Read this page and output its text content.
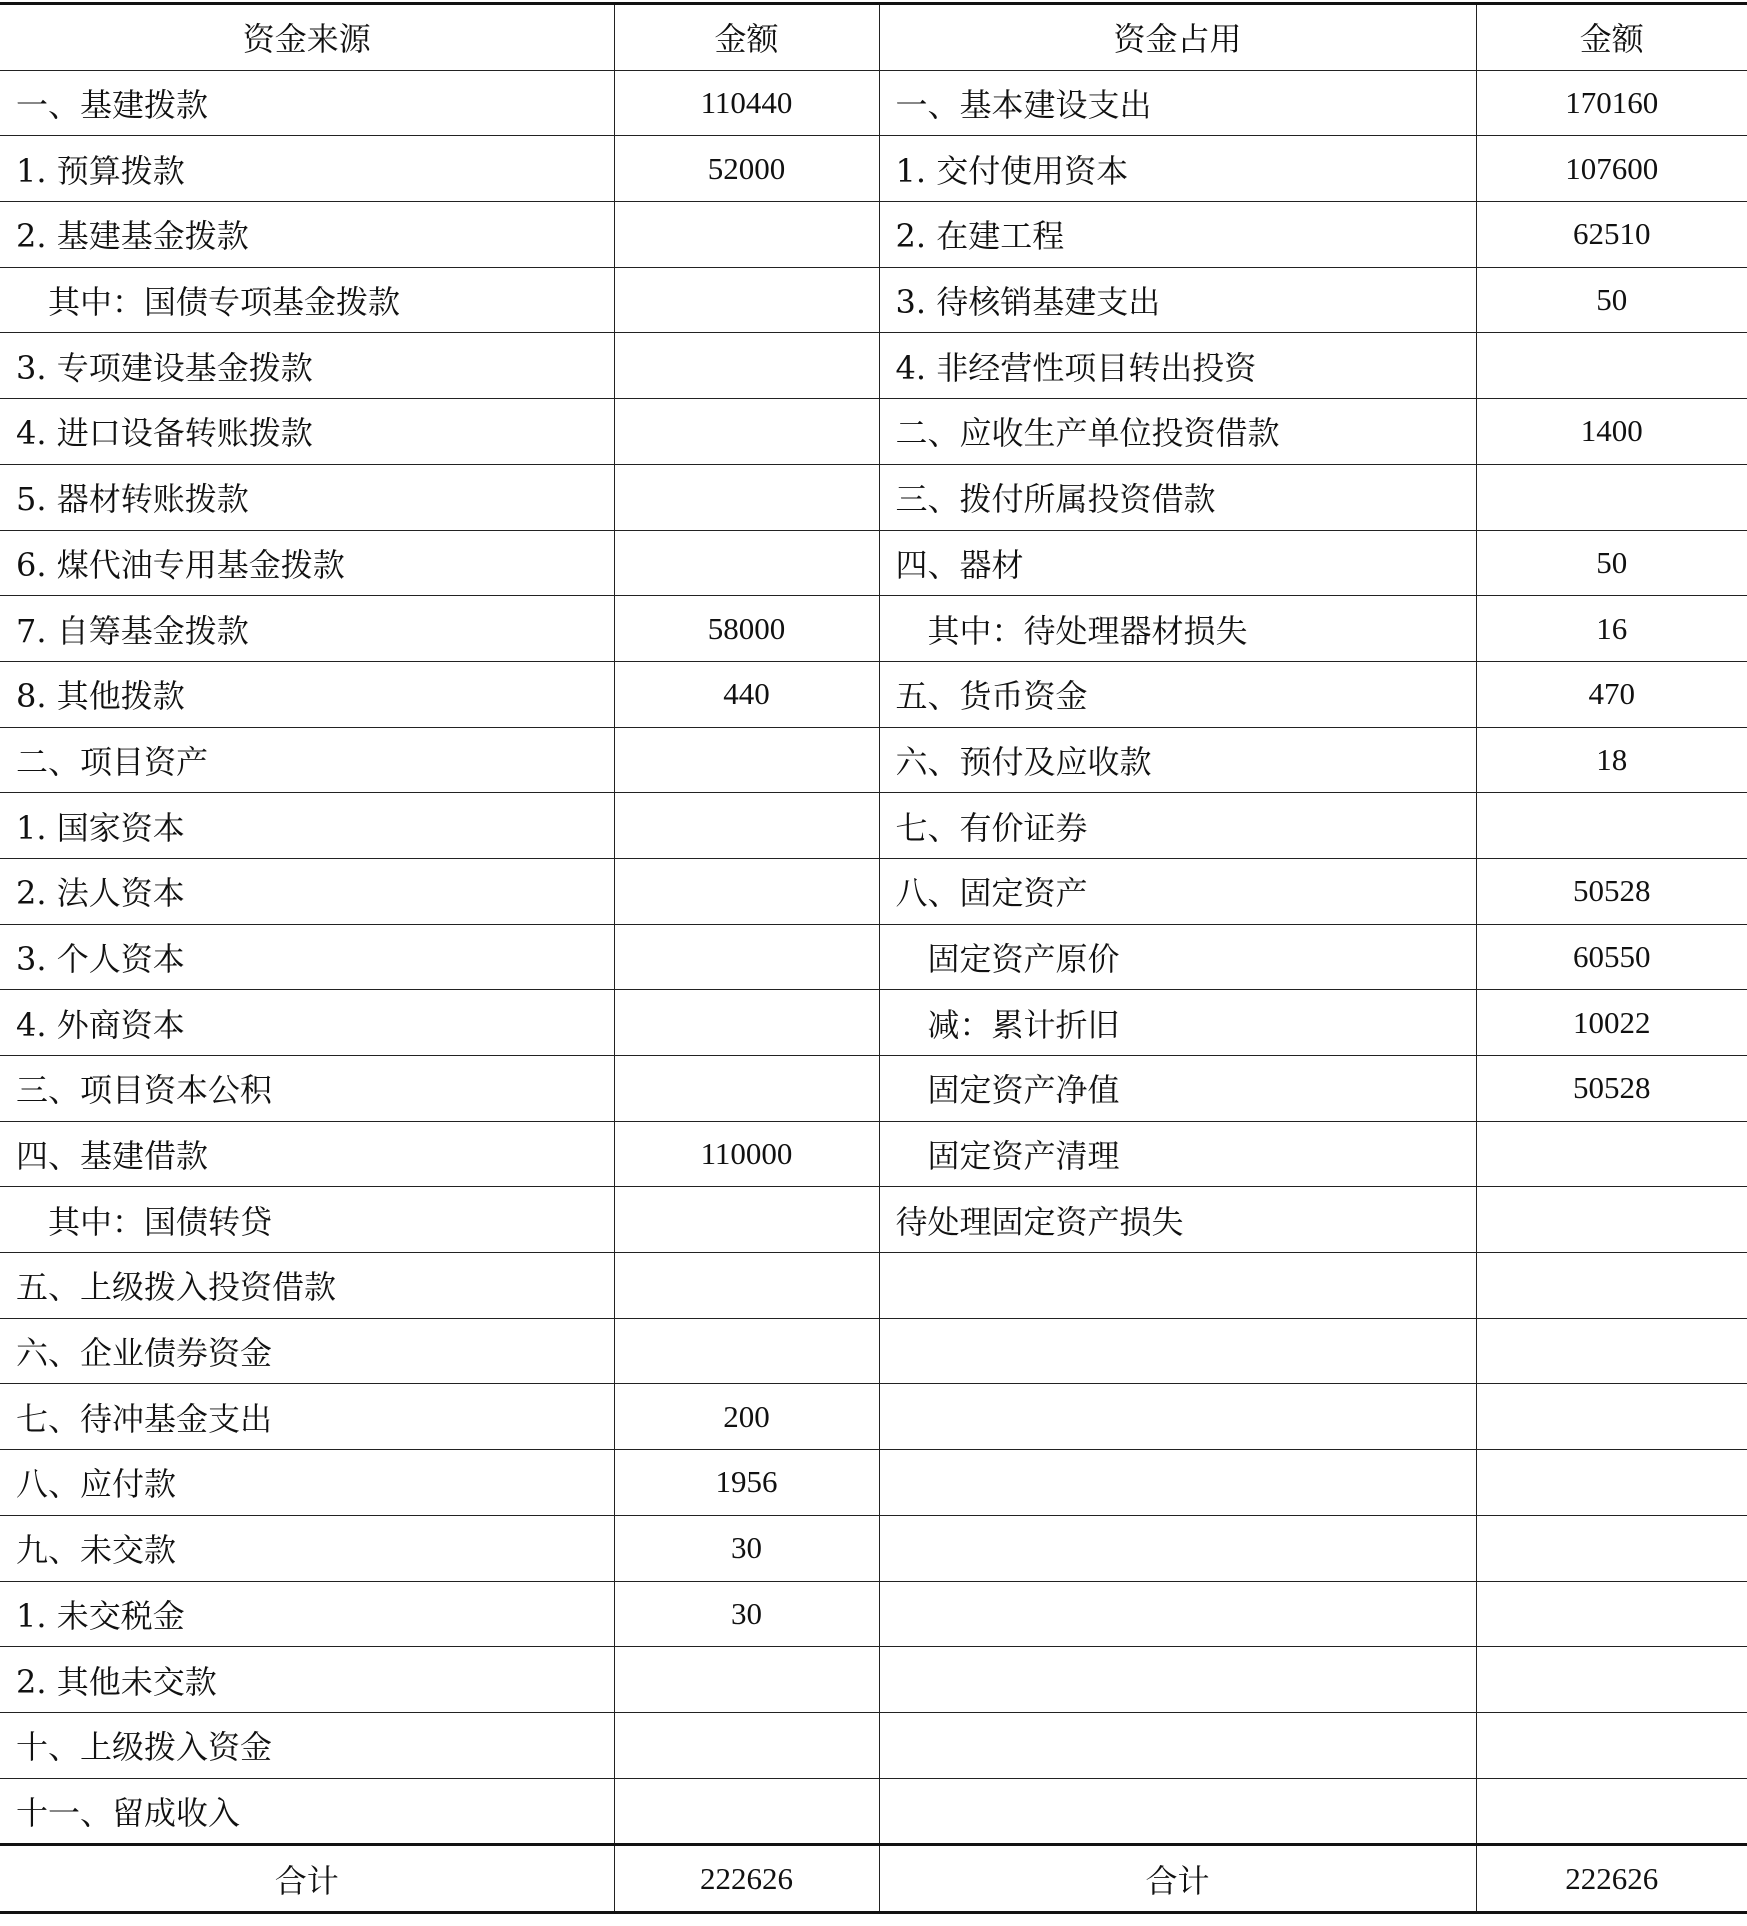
资金来源	金额	资金占用	金额
一、基建拨款	110440	一、基本建设支出	170160
1. 预算拨款	52000	1. 交付使用资本	107600
2. 基建基金拨款		2. 在建工程	62510
其中：国债专项基金拨款		3. 待核销基建支出	50
3. 专项建设基金拨款		4. 非经营性项目转出投资	
4. 进口设备转账拨款		二、应收生产单位投资借款	1400
5. 器材转账拨款		三、拨付所属投资借款	
6. 煤代油专用基金拨款		四、器材	50
7. 自筹基金拨款	58000	其中：待处理器材损失	16
8. 其他拨款	440	五、货币资金	470
二、项目资产		六、预付及应收款	18
1. 国家资本		七、有价证券	
2. 法人资本		八、固定资产	50528
3. 个人资本		固定资产原价	60550
4. 外商资本		减：累计折旧	10022
三、项目资本公积		固定资产净值	50528
四、基建借款	110000	固定资产清理	
其中：国债转贷		待处理固定资产损失	
五、上级拨入投资借款			
六、企业债券资金			
七、待冲基金支出	200		
八、应付款	1956		
九、未交款	30		
1. 未交税金	30		
2. 其他未交款			
十、上级拨入资金			
十一、留成收入			
合计	222626	合计	222626
